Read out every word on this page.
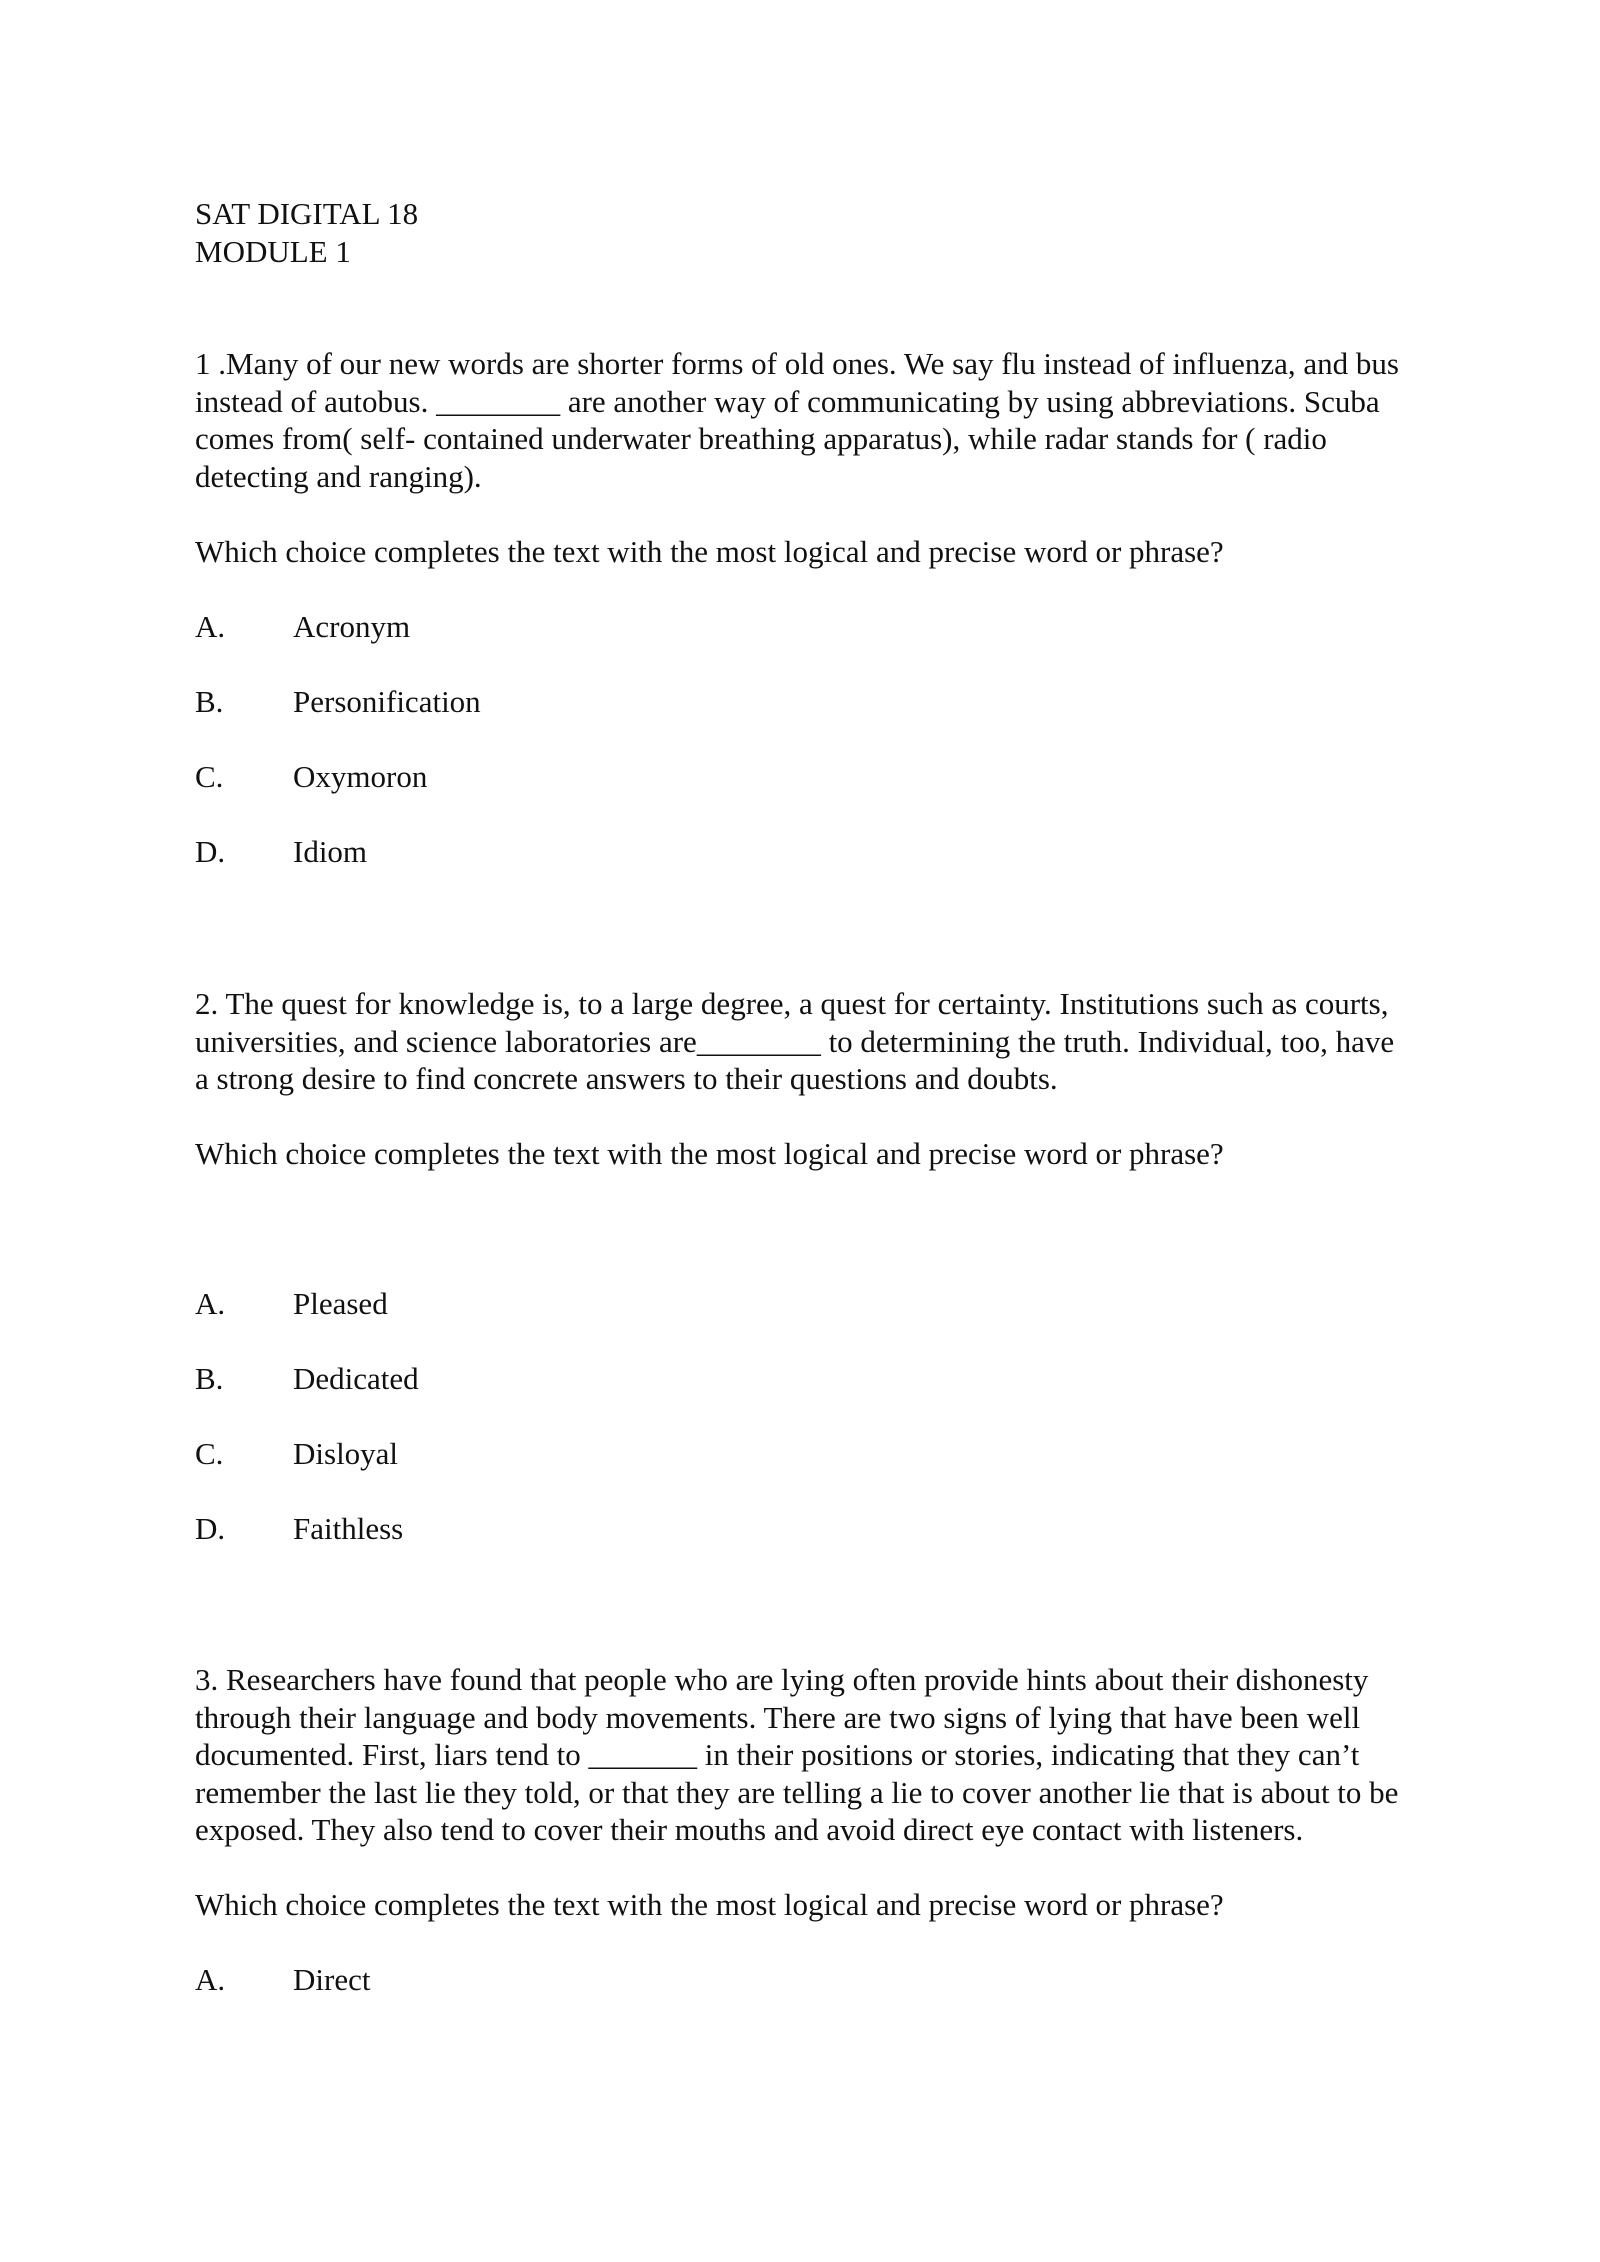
SAT DIGITAL 18
MODULE 1

1 .Many of our new words are shorter forms of old ones. We say flu instead of influenza, and bus instead of autobus. ________ are another way of communicating by using abbreviations. Scuba comes from( self- contained underwater breathing apparatus), while radar stands for ( radio detecting and ranging).

Which choice completes the text with the most logical and precise word or phrase?

A.	Acronym
B.	Personification
C.	Oxymoron
D.	Idiom

2. The quest for knowledge is, to a large degree, a quest for certainty. Institutions such as courts, universities, and science laboratories are________ to determining the truth. Individual, too, have a strong desire to find concrete answers to their questions and doubts.

Which choice completes the text with the most logical and precise word or phrase?

A.	Pleased
B.	Dedicated
C.	Disloyal
D.	Faithless

3. Researchers have found that people who are lying often provide hints about their dishonesty through their language and body movements. There are two signs of lying that have been well documented. First, liars tend to _______ in their positions or stories, indicating that they can’t remember the last lie they told, or that they are telling a lie to cover another lie that is about to be exposed. They also tend to cover their mouths and avoid direct eye contact with listeners.

Which choice completes the text with the most logical and precise word or phrase?

A.	Direct
